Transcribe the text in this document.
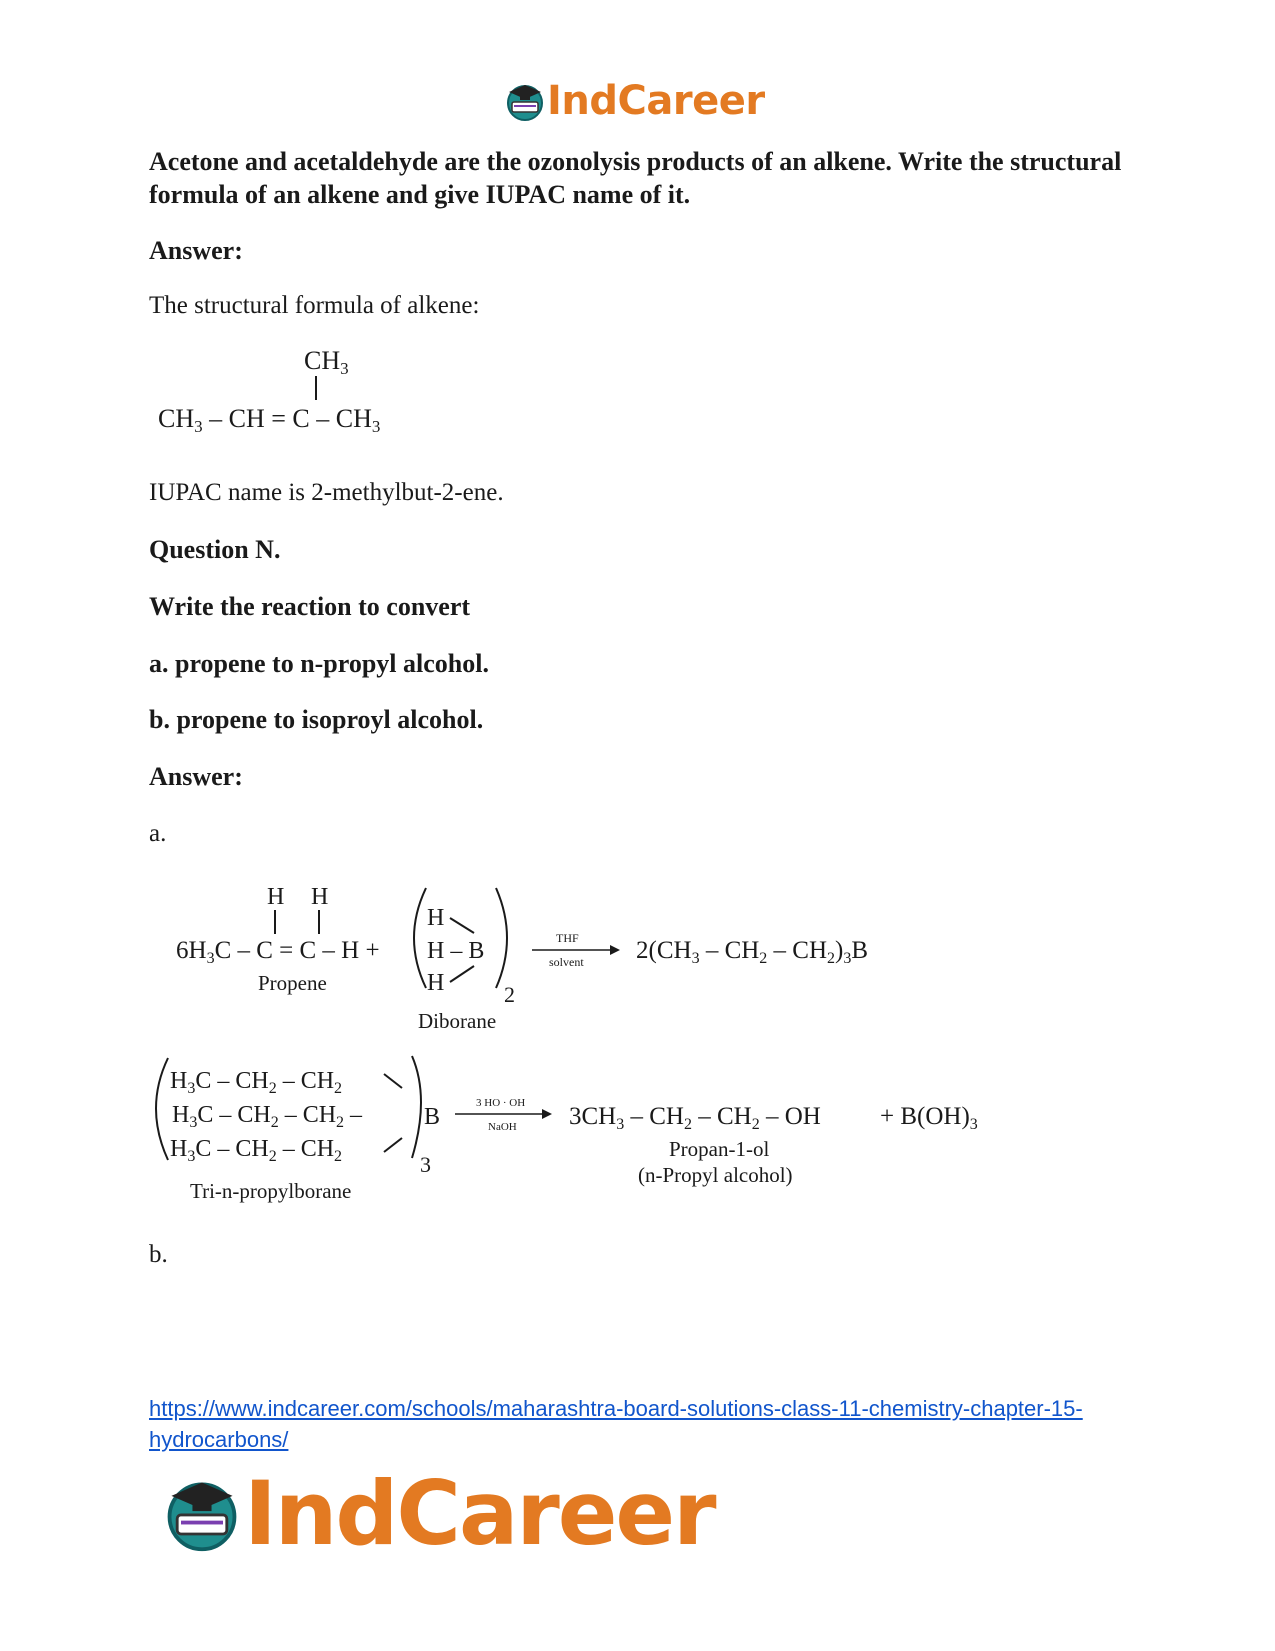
IndCareer
Acetone and acetaldehyde are the ozonolysis products of an alkene. Write the structural formula of an alkene and give IUPAC name of it.
Answer:
The structural formula of alkene:
CH3
CH3 – CH = C – CH3
IUPAC name is 2-methylbut-2-ene.
Question N.
Write the reaction to convert
a. propene to n-propyl alcohol.
b. propene to isoproyl alcohol.
Answer:
a.
H H
$6H_3C - C = C - H$ +
Propene
H
H – B
H	2
Diborane
THF
solvent $2(CH_3 - CH_2 - CH_2)_3B$
$H_3C - CH_2 - CH_2$
$H_3C - CH_2 - CH_2$ –
$H_3C - CH_2 - CH_2$
B
3
Tri-n-propylborane
3 HO · OH
NaOH $3CH_3 - CH_2 - CH_2$ – OH
Propan-1-ol
(n-Propyl alcohol)
+ $B(OH)_3$
b.
https://www.indcareer.com/schools/maharashtra-board-solutions-class-11-chemistry-chapter-15-hydrocarbons/
IndCareer
